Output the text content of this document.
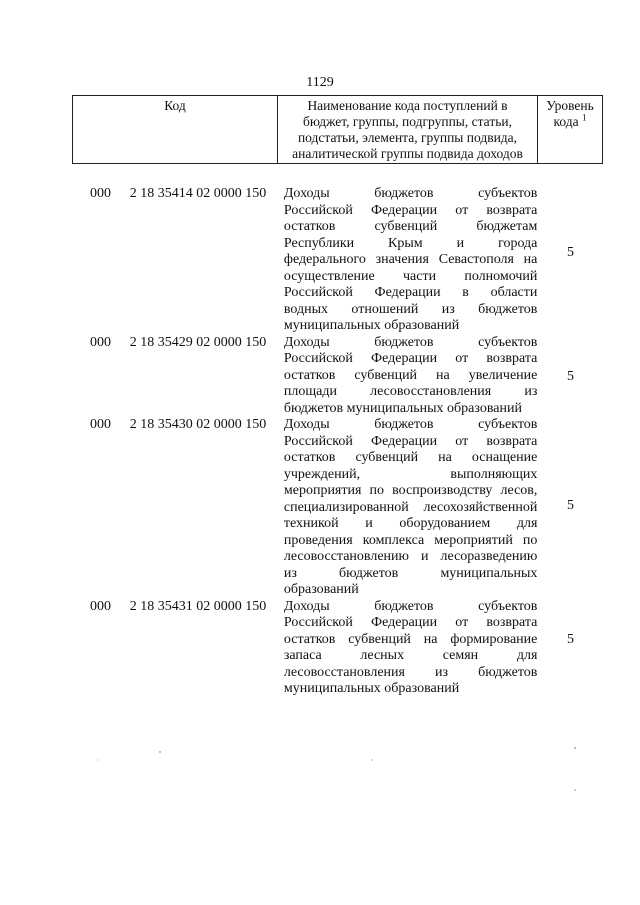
1129
Код	Наименование кода поступлений в
бюджет, группы, подгруппы, статьи,
подстатьи, элемента, группы подвида,
аналитической группы подвида доходов

Уровень
кода $^1$
000	2 18 35414 02 0000 150	Доходы бюджетов субъектов
Российской Федерации от возврата
остатков субвенций бюджетам
Республики Крым и города
федерального значения Севастополя на
осуществление части полномочий
Российской Федерации в области
водных отношений из бюджетов
муниципальных образований
5
000	2 18 35429 02 0000 150	Доходы бюджетов субъектов
Российской Федерации от возврата
остатков субвенций на увеличение
площади лесовосстановления из
бюджетов муниципальных образований
5
000	2 18 35430 02 0000 150	Доходы бюджетов субъектов
Российской Федерации от возврата
остатков субвенций на оснащение
учреждений, выполняющих
мероприятия по воспроизводству лесов,
специализированной лесохозяйственной
техникой и оборудованием для
проведения комплекса мероприятий по
лесовосстановлению и лесоразведению
из бюджетов муниципальных
образований
5
000	2 18 35431 02 0000 150	Доходы бюджетов субъектов
Российской Федерации от возврата
остатков субвенций на формирование
запаса лесных семян для
лесовосстановления из бюджетов
муниципальных образований
5
